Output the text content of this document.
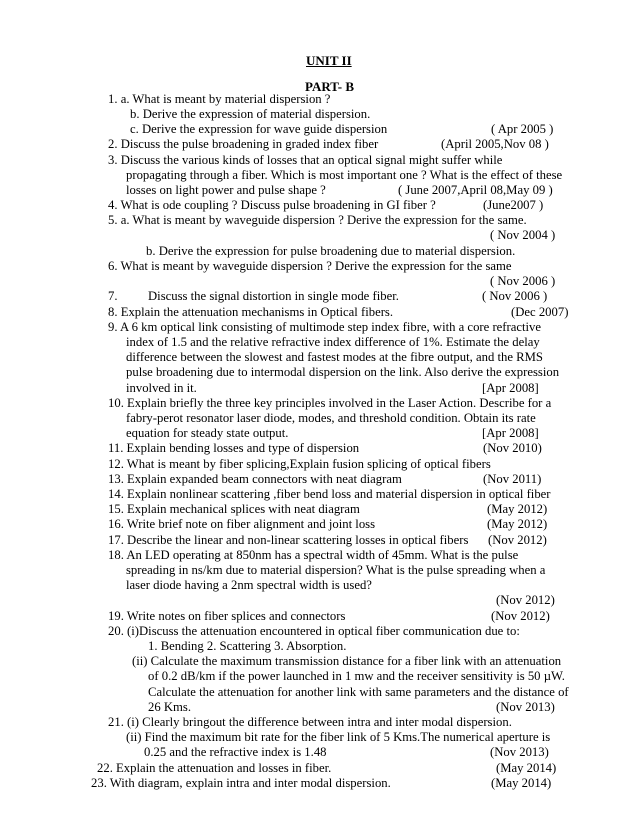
UNIT II
PART- B
1. a. What is meant by material dispersion ?
b. Derive the expression of material dispersion.
c. Derive the expression for wave guide dispersion	( Apr 2005 )
2. Discuss the pulse broadening in graded index fiber	(April 2005,Nov 08 )
3. Discuss the various kinds of losses that an optical signal might suffer while
propagating through a fiber. Which is most important one ? What is the effect of these
losses on light power and pulse shape ?	( June 2007,April 08,May 09 )
4. What is ode coupling ? Discuss pulse broadening in GI fiber ?	(June2007 )
5. a. What is meant by waveguide dispersion ? Derive the expression for the same.
( Nov 2004 )
b. Derive the expression for pulse broadening due to material dispersion.
6. What is meant by waveguide dispersion ? Derive the expression for the same
( Nov 2006 )
7. Discuss the signal distortion in single mode fiber.	( Nov 2006 )
8. Explain the attenuation mechanisms in Optical fibers.	(Dec 2007)
9. A 6 km optical link consisting of multimode step index fibre, with a core refractive
index of 1.5 and the relative refractive index difference of 1%. Estimate the delay
difference between the slowest and fastest modes at the fibre output, and the RMS
pulse broadening due to intermodal dispersion on the link. Also derive the expression
involved in it.	[Apr 2008]
10. Explain briefly the three key principles involved in the Laser Action. Describe for a
fabry-perot resonator laser diode, modes, and threshold condition. Obtain its rate
equation for steady state output.	[Apr 2008]
11. Explain bending losses and type of dispersion	(Nov 2010)
12. What is meant by fiber splicing,Explain fusion splicing of optical fibers
13. Explain expanded beam connectors with neat diagram	(Nov 2011)
14. Explain nonlinear scattering ,fiber bend loss and material dispersion in optical fiber
15. Explain mechanical splices with neat diagram	(May 2012)
16. Write brief note on fiber alignment and joint loss	(May 2012)
17. Describe the linear and non-linear scattering losses in optical fibers (Nov 2012)
18. An LED operating at 850nm has a spectral width of 45mm. What is the pulse
spreading in ns/km due to material dispersion? What is the pulse spreading when a
laser diode having a 2nm spectral width is used?
(Nov 2012)
19. Write notes on fiber splices and connectors	(Nov 2012)
20. (i)Discuss the attenuation encountered in optical fiber communication due to:
1. Bending 2. Scattering 3. Absorption.
(ii) Calculate the maximum transmission distance for a fiber link with an attenuation
of 0.2 dB/km if the power launched in 1 mw and the receiver sensitivity is 50 µW.
Calculate the attenuation for another link with same parameters and the distance of
26 Kms.	(Nov 2013)
21. (i) Clearly bringout the difference between intra and inter modal dispersion.
(ii) Find the maximum bit rate for the fiber link of 5 Kms.The numerical aperture is
0.25 and the refractive index is 1.48	(Nov 2013)
22. Explain the attenuation and losses in fiber.	(May 2014)
23. With diagram, explain intra and inter modal dispersion.	(May 2014)
